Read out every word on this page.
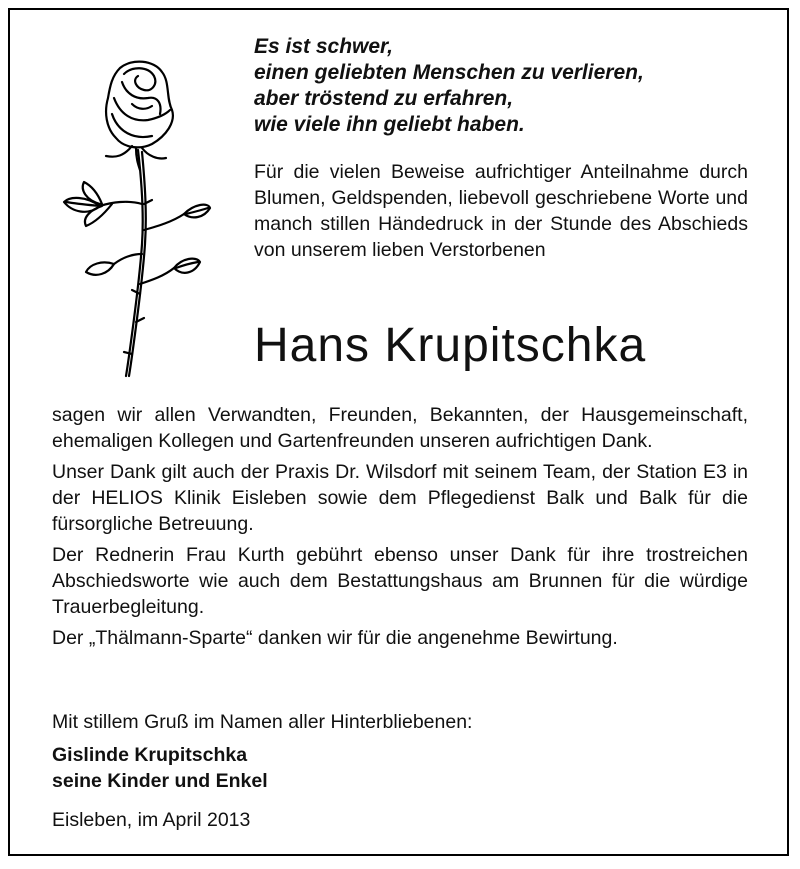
Es ist schwer,
einen geliebten Menschen zu verlieren,
aber tröstend zu erfahren,
wie viele ihn geliebt haben.

Für die vielen Beweise aufrichtiger Anteilnahme durch Blumen, Geldspenden, liebevoll geschriebene Worte und manch stillen Händedruck in der Stunde des Abschieds von unserem lieben Verstorbenen

Hans Krupitschka

sagen wir allen Verwandten, Freunden, Bekannten, der Hausgemeinschaft, ehemaligen Kollegen und Gartenfreunden unseren aufrichtigen Dank.

Unser Dank gilt auch der Praxis Dr. Wilsdorf mit seinem Team, der Station E3 in der HELIOS Klinik Eisleben sowie dem Pflegedienst Balk und Balk für die fürsorgliche Betreuung.

Der Rednerin Frau Kurth gebührt ebenso unser Dank für ihre trostreichen Abschiedsworte wie auch dem Bestattungshaus am Brunnen für die würdige Trauerbegleitung.

Der „Thälmann-Sparte“ danken wir für die angenehme Bewirtung.

Mit stillem Gruß im Namen aller Hinterbliebenen:

Gislinde Krupitschka
seine Kinder und Enkel

Eisleben, im April 2013
